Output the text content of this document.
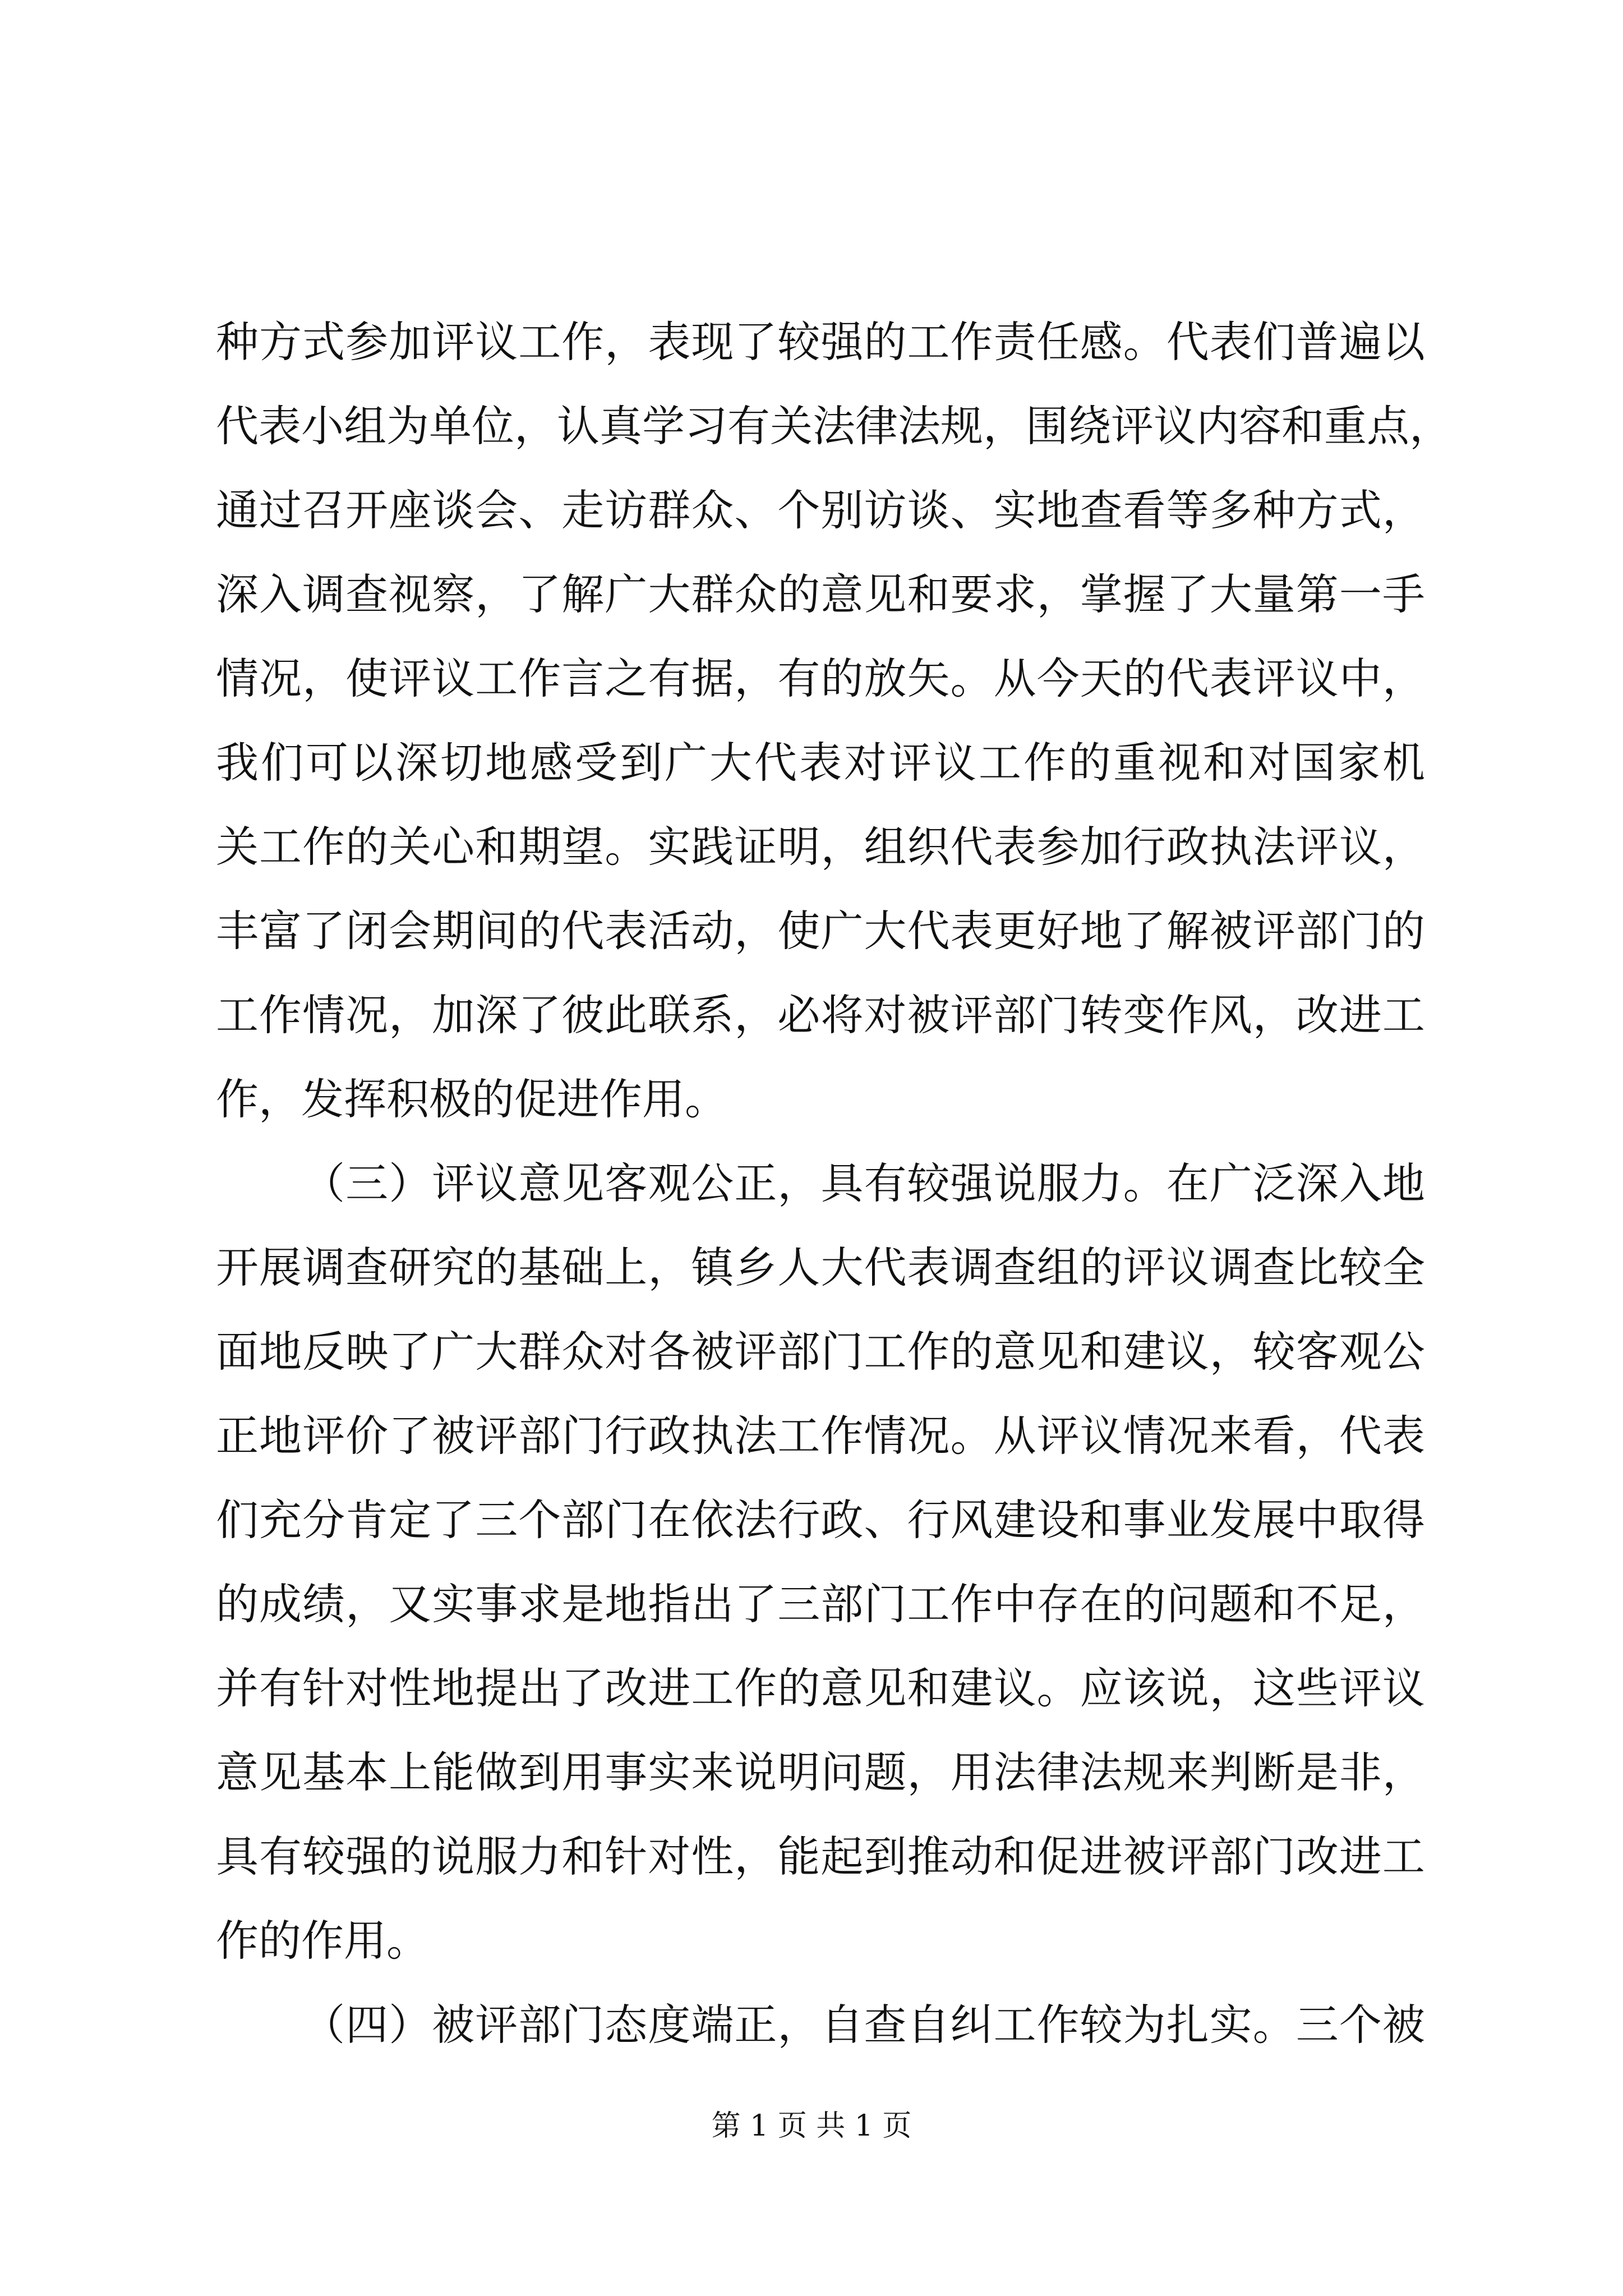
种 方 式 参 加 评 议 工 作 ， 表 现 了 较 强 的 工 作 责 任 感 。 代 表 们 普 遍 以
代 表 小 组 为 单 位 ， 认 真 学 习 有 关 法 律 法 规 ， 围 绕 评 议 内 容 和 重 点 ，
通 过 召 开 座 谈 会 、 走 访 群 众 、 个 别 访 谈 、 实 地 查 看 等 多 种 方 式 ，
深 入 调 查 视 察 ， 了 解 广 大 群 众 的 意 见 和 要 求 ， 掌 握 了 大 量 第 一 手
情 况 ， 使 评 议 工 作 言 之 有 据 ， 有 的 放 矢 。 从 今 天 的 代 表 评 议 中 ，
我 们 可 以 深 切 地 感 受 到 广 大 代 表 对 评 议 工 作 的 重 视 和 对 国 家 机
关 工 作 的 关 心 和 期 望 。 实 践 证 明 ， 组 织 代 表 参 加 行 政 执 法 评 议 ，
丰 富 了 闭 会 期 间 的 代 表 活 动 ， 使 广 大 代 表 更 好 地 了 解 被 评 部 门 的
工 作 情 况 ， 加 深 了 彼 此 联 系 ， 必 将 对 被 评 部 门 转 变 作 风 ， 改 进 工
作 ， 发 挥 积 极 的 促 进 作 用 。

（ 三 ） 评 议 意 见 客 观 公 正 ， 具 有 较 强 说 服 力 。 在 广 泛 深 入 地
开 展 调 查 研 究 的 基 础 上 ， 镇 乡 人 大 代 表 调 查 组 的 评 议 调 查 比 较 全
面 地 反 映 了 广 大 群 众 对 各 被 评 部 门 工 作 的 意 见 和 建 议 ， 较 客 观 公
正 地 评 价 了 被 评 部 门 行 政 执 法 工 作 情 况 。 从 评 议 情 况 来 看 ， 代 表
们 充 分 肯 定 了 三 个 部 门 在 依 法 行 政 、 行 风 建 设 和 事 业 发 展 中 取 得
的 成 绩 ， 又 实 事 求 是 地 指 出 了 三 部 门 工 作 中 存 在 的 问 题 和 不 足 ，
并 有 针 对 性 地 提 出 了 改 进 工 作 的 意 见 和 建 议 。 应 该 说 ， 这 些 评 议
意 见 基 本 上 能 做 到 用 事 实 来 说 明 问 题 ， 用 法 律 法 规 来 判 断 是 非 ，
具 有 较 强 的 说 服 力 和 针 对 性 ， 能 起 到 推 动 和 促 进 被 评 部 门 改 进 工
作 的 作 用 。

（ 四 ） 被 评 部 门 态 度 端 正 ， 自 查 自 纠 工 作 较 为 扎 实 。 三 个 被
第 1 页 共 1 页
